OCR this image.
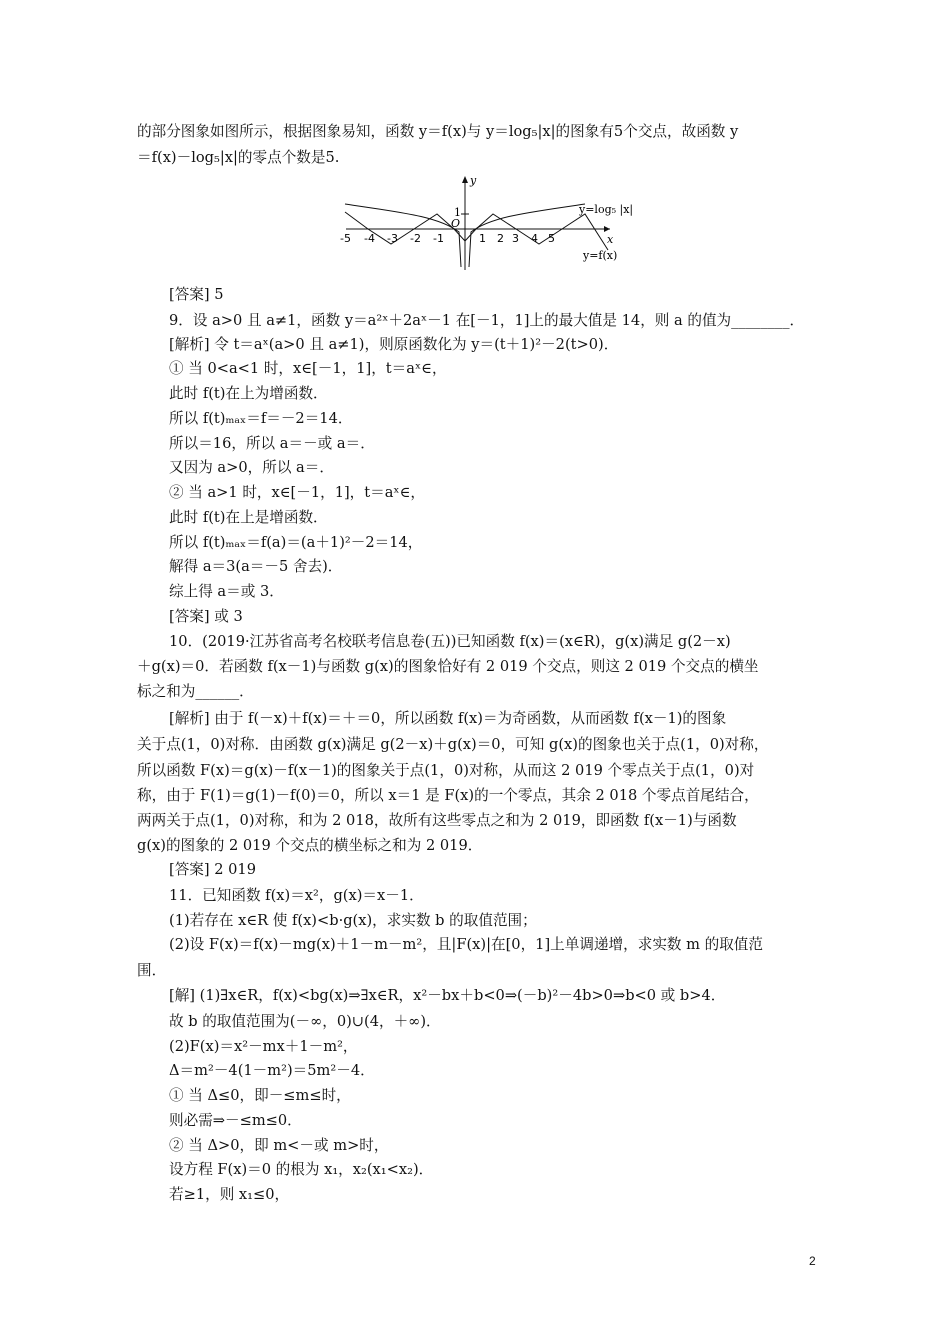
的部分图象如图所示，根据图象易知，函数 y＝f(x)与 y＝log₅|x|的图象有5个交点，故函数 y
＝f(x)－log₅|x|的零点个数是5.
y
x
O
1
-5 -4 -3 -2 -1	1 2 3 4 5
y=log₅ |x|
y=f(x)
[答案] 5
9．设 a>0 且 a≠1，函数 y＝a²ˣ＋2aˣ－1 在[－1，1]上的最大值是 14，则 a 的值为________．
[解析] 令 t＝aˣ(a>0 且 a≠1)，则原函数化为 y＝(t＋1)²－2(t>0)．
① 当 0<a<1 时，x∈[－1，1]，t＝aˣ∈，
此时 f(t)在上为增函数．
所以 f(t)ₘₐₓ＝f＝－2＝14．
所以＝16，所以 a＝－或 a＝．
又因为 a>0，所以 a＝．
② 当 a>1 时，x∈[－1，1]，t＝aˣ∈，
此时 f(t)在上是增函数．
所以 f(t)ₘₐₓ＝f(a)＝(a＋1)²－2＝14，
解得 a＝3(a＝－5 舍去)．
综上得 a＝或 3．
[答案] 或 3
10．(2019·江苏省高考名校联考信息卷(五))已知函数 f(x)＝(x∈R)，g(x)满足 g(2－x)
＋g(x)＝0．若函数 f(x－1)与函数 g(x)的图象恰好有 2 019 个交点，则这 2 019 个交点的横坐
标之和为______．
[解析] 由于 f(－x)＋f(x)＝＋＝0，所以函数 f(x)＝为奇函数，从而函数 f(x－1)的图象
关于点(1，0)对称．由函数 g(x)满足 g(2－x)＋g(x)＝0，可知 g(x)的图象也关于点(1，0)对称，
所以函数 F(x)＝g(x)－f(x－1)的图象关于点(1，0)对称，从而这 2 019 个零点关于点(1，0)对
称，由于 F(1)＝g(1)－f(0)＝0，所以 x＝1 是 F(x)的一个零点，其余 2 018 个零点首尾结合，
两两关于点(1，0)对称，和为 2 018，故所有这些零点之和为 2 019，即函数 f(x－1)与函数
g(x)的图象的 2 019 个交点的横坐标之和为 2 019．
[答案] 2 019
11．已知函数 f(x)＝x²，g(x)＝x－1．
(1)若存在 x∈R 使 f(x)<b·g(x)，求实数 b 的取值范围；
(2)设 F(x)＝f(x)－mg(x)＋1－m－m²，且|F(x)|在[0，1]上单调递增，求实数 m 的取值范
围．
[解] (1)∃x∈R，f(x)<bg(x)⇒∃x∈R，x²－bx＋b<0⇒(－b)²－4b>0⇒b<0 或 b>4．
故 b 的取值范围为(－∞，0)∪(4，＋∞)．
(2)F(x)＝x²－mx＋1－m²，
Δ＝m²－4(1－m²)＝5m²－4．
① 当 Δ≤0，即－≤m≤时，
则必需⇒－≤m≤0．
② 当 Δ>0，即 m<－或 m>时，
设方程 F(x)＝0 的根为 x₁，x₂(x₁<x₂)．
若≥1，则 x₁≤0，
2
